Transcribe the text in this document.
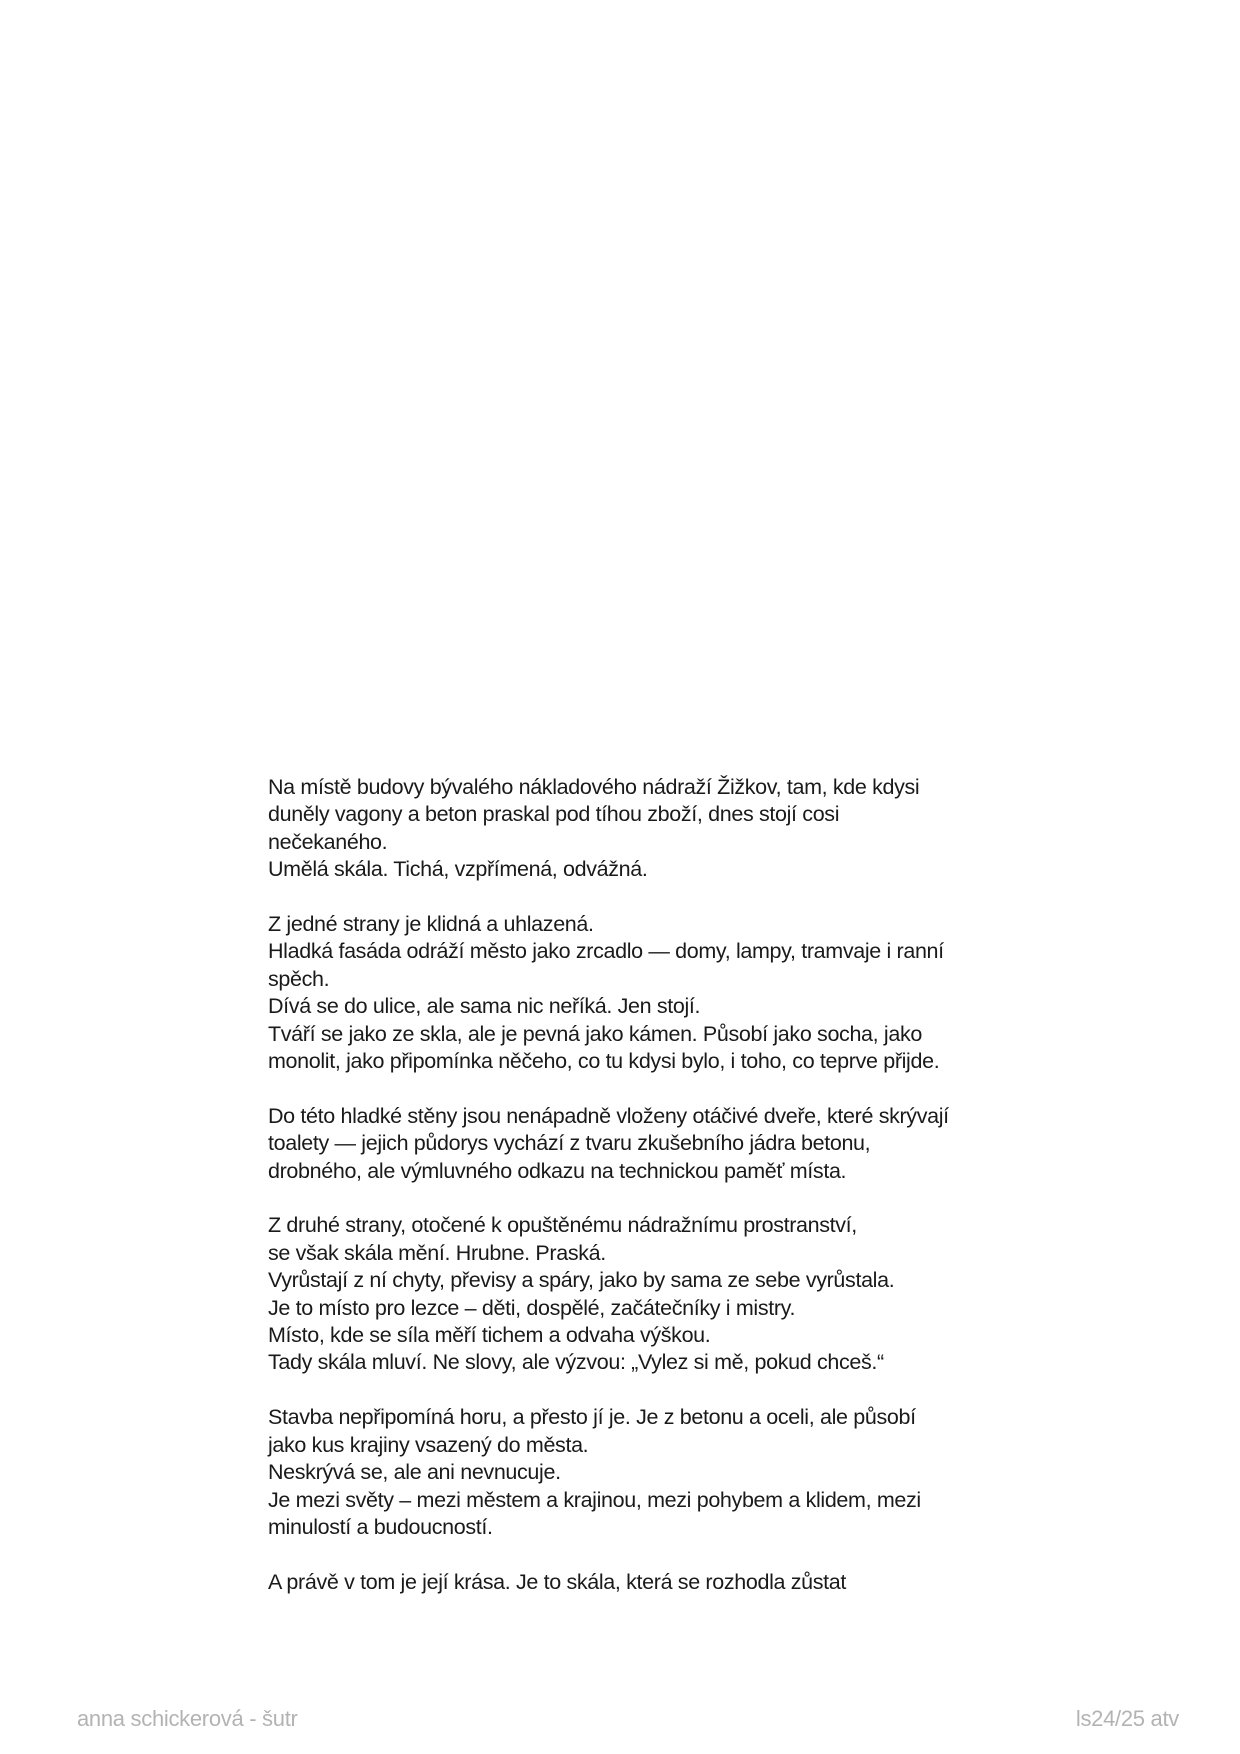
Na místě budovy bývalého nákladového nádraží Žižkov, tam, kde kdysi
duněly vagony a beton praskal pod tíhou zboží, dnes stojí cosi
nečekaného.
Umělá skála. Tichá, vzpřímená, odvážná.

Z jedné strany je klidná a uhlazená.
Hladká fasáda odráží město jako zrcadlo — domy, lampy, tramvaje i ranní
spěch.
Dívá se do ulice, ale sama nic neříká. Jen stojí.
Tváří se jako ze skla, ale je pevná jako kámen. Působí jako socha, jako
monolit, jako připomínka něčeho, co tu kdysi bylo, i toho, co teprve přijde.

Do této hladké stěny jsou nenápadně vloženy otáčivé dveře, které skrývají
toalety — jejich půdorys vychází z tvaru zkušebního jádra betonu,
drobného, ale výmluvného odkazu na technickou paměť místa.

Z druhé strany, otočené k opuštěnému nádražnímu prostranství,
se však skála mění. Hrubne. Praská.
Vyrůstají z ní chyty, převisy a spáry, jako by sama ze sebe vyrůstala.
Je to místo pro lezce – děti, dospělé, začátečníky i mistry.
Místo, kde se síla měří tichem a odvaha výškou.
Tady skála mluví. Ne slovy, ale výzvou: „Vylez si mě, pokud chceš.“

Stavba nepřipomíná horu, a přesto jí je. Je z betonu a oceli, ale působí
jako kus krajiny vsazený do města.
Neskrývá se, ale ani nevnucuje.
Je mezi světy – mezi městem a krajinou, mezi pohybem a klidem, mezi
minulostí a budoucností.

A právě v tom je její krása. Je to skála, která se rozhodla zůstat

anna schickerová - šutr	ls24/25 atv
